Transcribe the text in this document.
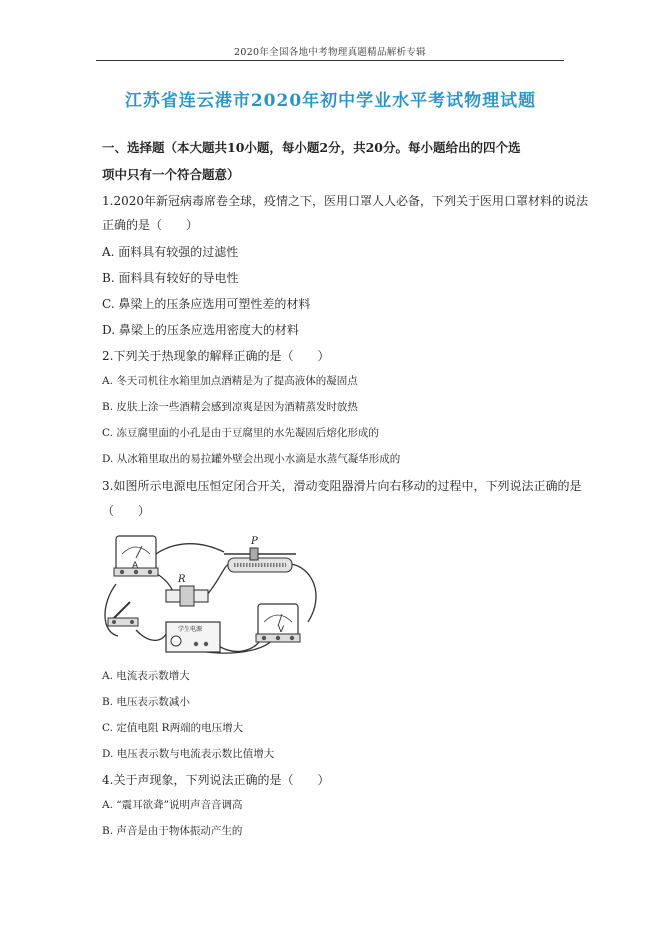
2020年全国各地中考物理真题精品解析专辑
江苏省连云港市2020年初中学业水平考试物理试题
一、选择题（本大题共10小题，每小题2分，共20分。每小题给出的四个选
项中只有一个符合题意）
1.2020年新冠病毒席卷全球，疫情之下，医用口罩人人必备，下列关于医用口罩材料的说法
正确的是（　　）
A. 面料具有较强的过滤性
B. 面料具有较好的导电性
C. 鼻梁上的压条应选用可塑性差的材料
D. 鼻梁上的压条应选用密度大的材料
2.下列关于热现象的解释正确的是（　　）
A. 冬天司机往水箱里加点酒精是为了提高液体的凝固点
B. 皮肤上涂一些酒精会感到凉爽是因为酒精蒸发时放热
C. 冻豆腐里面的小孔是由于豆腐里的水先凝固后熔化形成的
D. 从冰箱里取出的易拉罐外壁会出现小水滴是水蒸气凝华形成的
3.如图所示电源电压恒定闭合开关，滑动变阻器滑片向右移动的过程中，下列说法正确的是
（　　）
A
R
P
学生电源	V
A. 电流表示数增大
B. 电压表示数减小
C. 定值电阻 R两端的电压增大
D. 电压表示数与电流表示数比值增大
4.关于声现象，下列说法正确的是（　　）
A. “震耳欲聋”说明声音音调高
B. 声音是由于物体振动产生的
